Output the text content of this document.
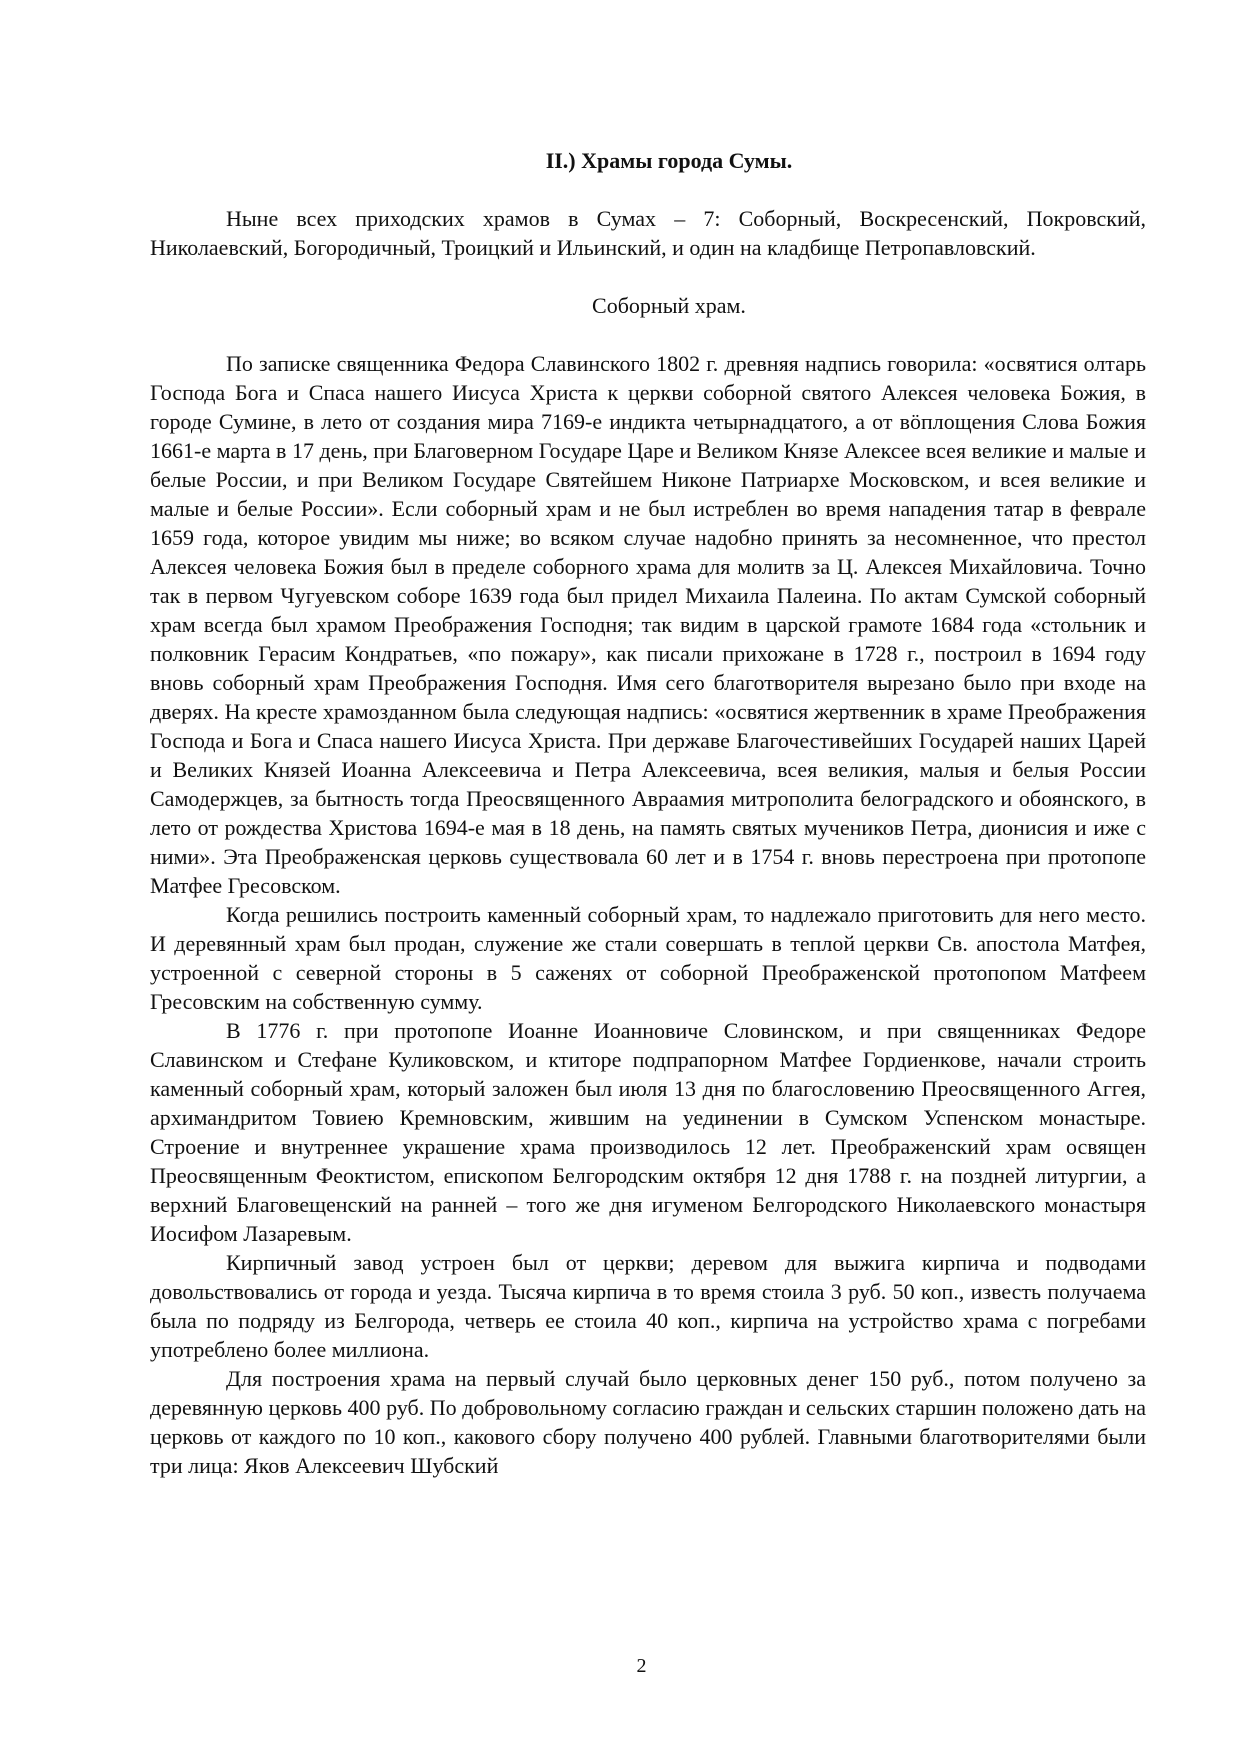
II.) Храмы города Сумы.

Ныне всех приходских храмов в Сумах – 7: Соборный, Воскресенский, Покровский, Николаевский, Богородичный, Троицкий и Ильинский, и один на кладбище Петропавловский.

Соборный храм.

По записке священника Федора Славинского 1802 г. древняя надпись говорила: «освятися олтарь Господа Бога и Спаса нашего Иисуса Христа к церкви соборной святого Алексея человека Божия, в городе Сумине, в лето от создания мира 7169-е индикта четырнадцатого, а от вöплощения Слова Божия 1661-е марта в 17 день, при Благоверном Государе Царе и Великом Князе Алексее всея великие и малые и белые России, и при Великом Государе Святейшем Никоне Патриархе Московском, и всея великие и малые и белые России». Если соборный храм и не был истреблен во время нападения татар в феврале 1659 года, которое увидим мы ниже; во всяком случае надобно принять за несомненное, что престол Алексея человека Божия был в пределе соборного храма для молитв за Ц. Алексея Михайловича. Точно так в первом Чугуевском соборе 1639 года был придел Михаила Палеина. По актам Сумской соборный храм всегда был храмом Преображения Господня; так видим в царской грамоте 1684 года «стольник и полковник Герасим Кондратьев, «по пожару», как писали прихожане в 1728 г., построил в 1694 году вновь соборный храм Преображения Господня. Имя сего благотворителя вырезано было при входе на дверях. На кресте храмозданном была следующая надпись: «освятися жертвенник в храме Преображения Господа и Бога и Спаса нашего Иисуса Христа. При державе Благочестивейших Государей наших Царей и Великих Князей Иоанна Алексеевича и Петра Алексеевича, всея великия, малыя и белыя России Самодержцев, за бытность тогда Преосвященного Авраамия митрополита белоградского и обоянского, в лето от рождества Христова 1694-е мая в 18 день, на память святых мучеников Петра, дионисия и иже с ними». Эта Преображенская церковь существовала 60 лет и в 1754 г. вновь перестроена при протопопе Матфее Гресовском.

Когда решились построить каменный соборный храм, то надлежало приготовить для него место. И деревянный храм был продан, служение же стали совершать в теплой церкви Св. апостола Матфея, устроенной с северной стороны в 5 саженях от соборной Преображенской протопопом Матфеем Гресовским на собственную сумму.

В 1776 г. при протопопе Иоанне Иоанновиче Словинском, и при священниках Федоре Славинском и Стефане Куликовском, и ктиторе подпрапорном Матфее Гордиенкове, начали строить каменный соборный храм, который заложен был июля 13 дня по благословению Преосвященного Аггея, архимандритом Товиею Кремновским, жившим на уединении в Сумском Успенском монастыре. Строение и внутреннее украшение храма производилось 12 лет. Преображенский храм освящен Преосвященным Феоктистом, епископом Белгородским октября 12 дня 1788 г. на поздней литургии, а верхний Благовещенский на ранней – того же дня игуменом Белгородского Николаевского монастыря Иосифом Лазаревым.

Кирпичный завод устроен был от церкви; деревом для выжига кирпича и подводами довольствовались от города и уезда. Тысяча кирпича в то время стоила 3 руб. 50 коп., известь получаема была по подряду из Белгорода, четверь ее стоила 40 коп., кирпича на устройство храма с погребами употреблено более миллиона.

Для построения храма на первый случай было церковных денег 150 руб., потом получено за деревянную церковь 400 руб. По добровольному согласию граждан и сельских старшин положено дать на церковь от каждого по 10 коп., какового сбору получено 400 рублей. Главными благотворителями были три лица: Яков Алексеевич Шубский

2
